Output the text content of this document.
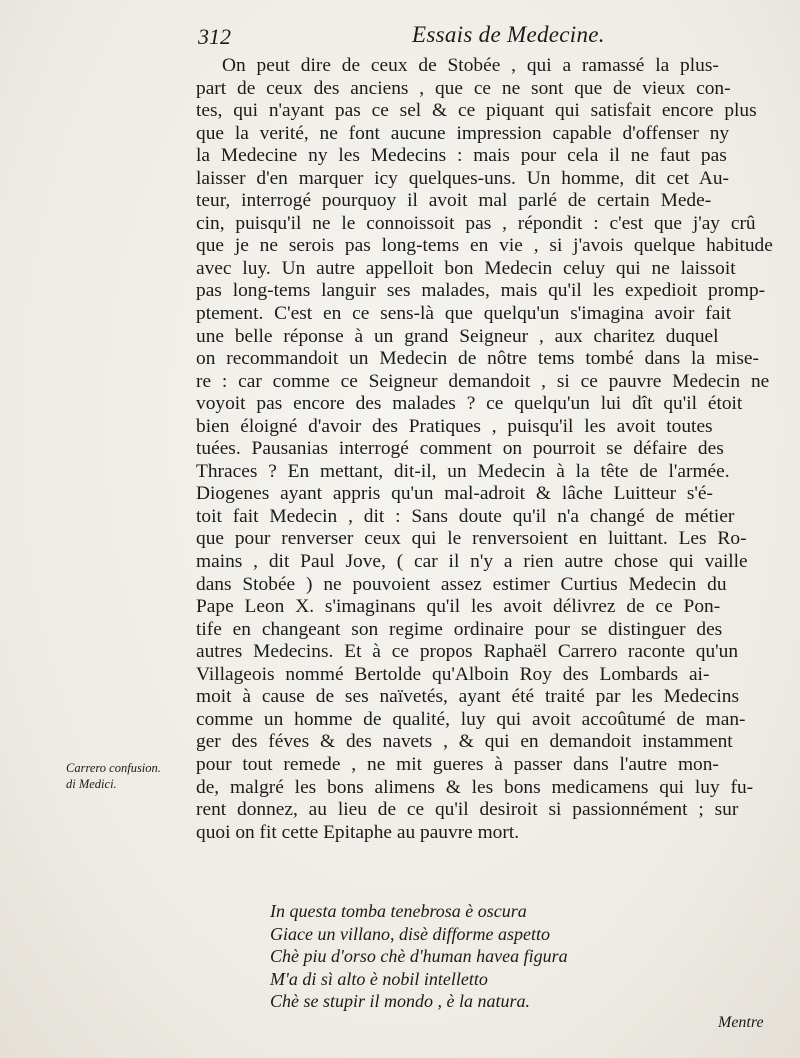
312	Essais de Medecine.
On peut dire de ceux de Stobée , qui a ramassé la plus-
part de ceux des anciens , que ce ne sont que de vieux con-
tes, qui n'ayant pas ce sel & ce piquant qui satisfait encore plus
que la verité, ne font aucune impression capable d'offenser ny
la Medecine ny les Medecins : mais pour cela il ne faut pas
laisser d'en marquer icy quelques-uns. Un homme, dit cet Au-
teur, interrogé pourquoy il avoit mal parlé de certain Mede-
cin, puisqu'il ne le connoissoit pas , répondit : c'est que j'ay crû
que je ne serois pas long-tems en vie , si j'avois quelque habitude
avec luy. Un autre appelloit bon Medecin celuy qui ne laissoit
pas long-tems languir ses malades, mais qu'il les expedioit promp-
ptement. C'est en ce sens-là que quelqu'un s'imagina avoir fait
une belle réponse à un grand Seigneur , aux charitez duquel
on recommandoit un Medecin de nôtre tems tombé dans la mise-
re : car comme ce Seigneur demandoit , si ce pauvre Medecin ne
voyoit pas encore des malades ? ce quelqu'un lui dît qu'il étoit
bien éloigné d'avoir des Pratiques , puisqu'il les avoit toutes
tuées. Pausanias interrogé comment on pourroit se défaire des
Thraces ? En mettant, dit-il, un Medecin à la tête de l'armée.
Diogenes ayant appris qu'un mal-adroit & lâche Luitteur s'é-
toit fait Medecin , dit : Sans doute qu'il n'a changé de métier
que pour renverser ceux qui le renversoient en luittant. Les Ro-
mains , dit Paul Jove, ( car il n'y a rien autre chose qui vaille
dans Stobée ) ne pouvoient assez estimer Curtius Medecin du
Pape Leon X. s'imaginans qu'il les avoit délivrez de ce Pon-
tife en changeant son regime ordinaire pour se distinguer des
autres Medecins. Et à ce propos Raphaël Carrero raconte qu'un
Villageois nommé Bertolde qu'Alboin Roy des Lombards ai-
moit à cause de ses naïvetés, ayant été traité par les Medecins
comme un homme de qualité, luy qui avoit accoûtumé de man-
ger des féves & des navets , & qui en demandoit instamment
pour tout remede , ne mit gueres à passer dans l'autre mon-
de, malgré les bons alimens & les bons medicamens qui luy fu-
rent donnez, au lieu de ce qu'il desiroit si passionnément ; sur
quoi on fit cette Epitaphe au pauvre mort.
Carrero confusion.
di Medici.
In questa tomba tenebrosa è oscura
Giace un villano, disè difforme aspetto
Chè piu d'orso chè d'human havea figura
M'a di sì alto è nobil intelletto
Chè se stupir il mondo , è la natura.
Mentre
